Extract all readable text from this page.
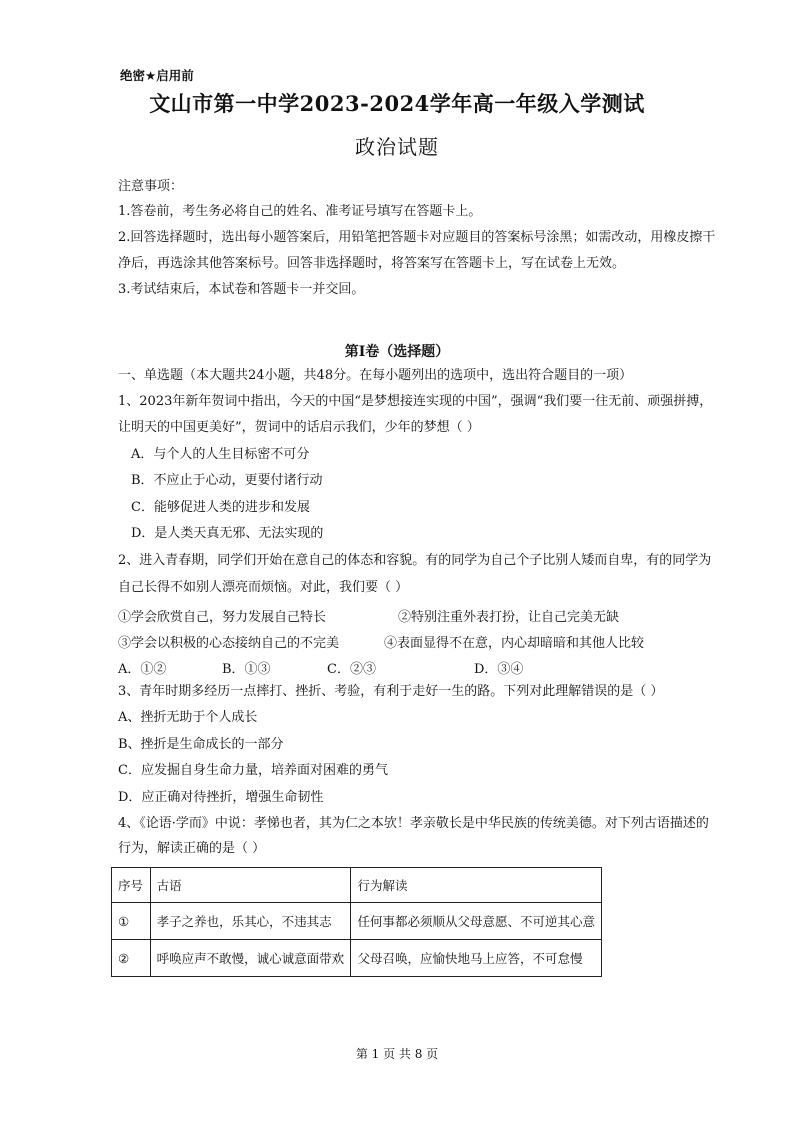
绝密★启用前
文山市第一中学2023-2024学年高一年级入学测试
政治试题
注意事项：
1.答卷前，考生务必将自己的姓名、准考证号填写在答题卡上。
2.回答选择题时，选出每小题答案后，用铅笔把答题卡对应题目的答案标号涂黑；如需改动，用橡皮擦干
净后，再选涂其他答案标号。回答非选择题时，将答案写在答题卡上，写在试卷上无效。
3.考试结束后，本试卷和答题卡一并交回。
第I卷（选择题）
一、单选题（本大题共24小题，共48分。在每小题列出的选项中，选出符合题目的一项）
1、2023年新年贺词中指出，今天的中国“是梦想接连实现的中国”，强调“我们要一往无前、顽强拼搏，
让明天的中国更美好”，贺词中的话启示我们，少年的梦想（ ）
A．与个人的人生目标密不可分
B．不应止于心动，更要付诸行动
C．能够促进人类的进步和发展
D．是人类天真无邪、无法实现的
2、进入青春期，同学们开始在意自己的体态和容貌。有的同学为自己个子比别人矮而自卑，有的同学为
自己长得不如别人漂亮而烦恼。对此，我们要（ ）
①学会欣赏自己，努力发展自己特长	②特别注重外表打扮，让自己完美无缺
③学会以积极的心态接纳自己的不完美	④表面显得不在意，内心却暗暗和其他人比较
A．①②	B．①③	C．②③	D．③④
3、青年时期多经历一点摔打、挫折、考验，有利于走好一生的路。下列对此理解错误的是（ ）
A、挫折无助于个人成长
B、挫折是生命成长的一部分
C．应发掘自身生命力量，培养面对困难的勇气
D．应正确对待挫折，增强生命韧性
4、《论语·学而》中说：孝悌也者，其为仁之本欤！孝亲敬长是中华民族的传统美德。对下列古语描述的
行为，解读正确的是（ ）
序号	古语	行为解读
①	孝子之养也，乐其心，不违其志	任何事都必须顺从父母意愿、不可逆其心意
②	呼唤应声不敢慢，诚心诚意面带欢	父母召唤，应愉快地马上应答，不可怠慢
第 1 页 共 8 页
